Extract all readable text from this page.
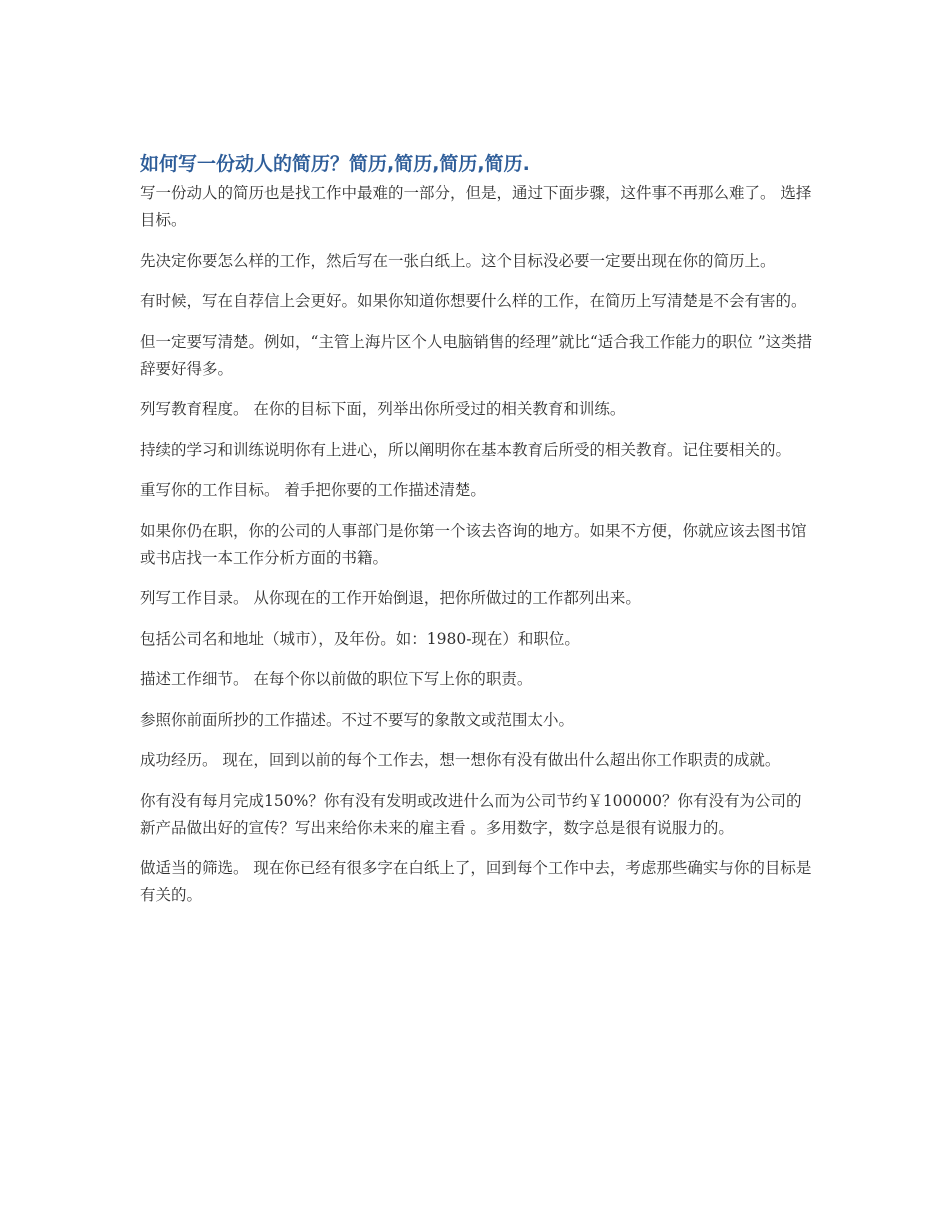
如何写一份动人的简历？简历,简历,简历,简历.

写一份动人的简历也是找工作中最难的一部分，但是，通过下面步骤，这件事不再那么难了。 选择目标。

先决定你要怎么样的工作，然后写在一张白纸上。这个目标没必要一定要出现在你的简历上。

有时候，写在自荐信上会更好。如果你知道你想要什么样的工作，在简历上写清楚是不会有害的。

但一定要写清楚。例如，“主管上海片区个人电脑销售的经理”就比“适合我工作能力的职位 ”这类措辞要好得多。

列写教育程度。 在你的目标下面，列举出你所受过的相关教育和训练。

持续的学习和训练说明你有上进心，所以阐明你在基本教育后所受的相关教育。记住要相关的。

重写你的工作目标。 着手把你要的工作描述清楚。

如果你仍在职，你的公司的人事部门是你第一个该去咨询的地方。如果不方便，你就应该去图书馆或书店找一本工作分析方面的书籍。

列写工作目录。 从你现在的工作开始倒退，把你所做过的工作都列出来。

包括公司名和地址（城市），及年份。如：1980-现在）和职位。

描述工作细节。 在每个你以前做的职位下写上你的职责。

参照你前面所抄的工作描述。不过不要写的象散文或范围太小。

成功经历。 现在，回到以前的每个工作去，想一想你有没有做出什么超出你工作职责的成就。

你有没有每月完成150%？你有没有发明或改进什么而为公司节约￥100000？你有没有为公司的新产品做出好的宣传？写出来给你未来的雇主看 。多用数字，数字总是很有说服力的。

做适当的筛选。 现在你已经有很多字在白纸上了，回到每个工作中去，考虑那些确实与你的目标是有关的。
